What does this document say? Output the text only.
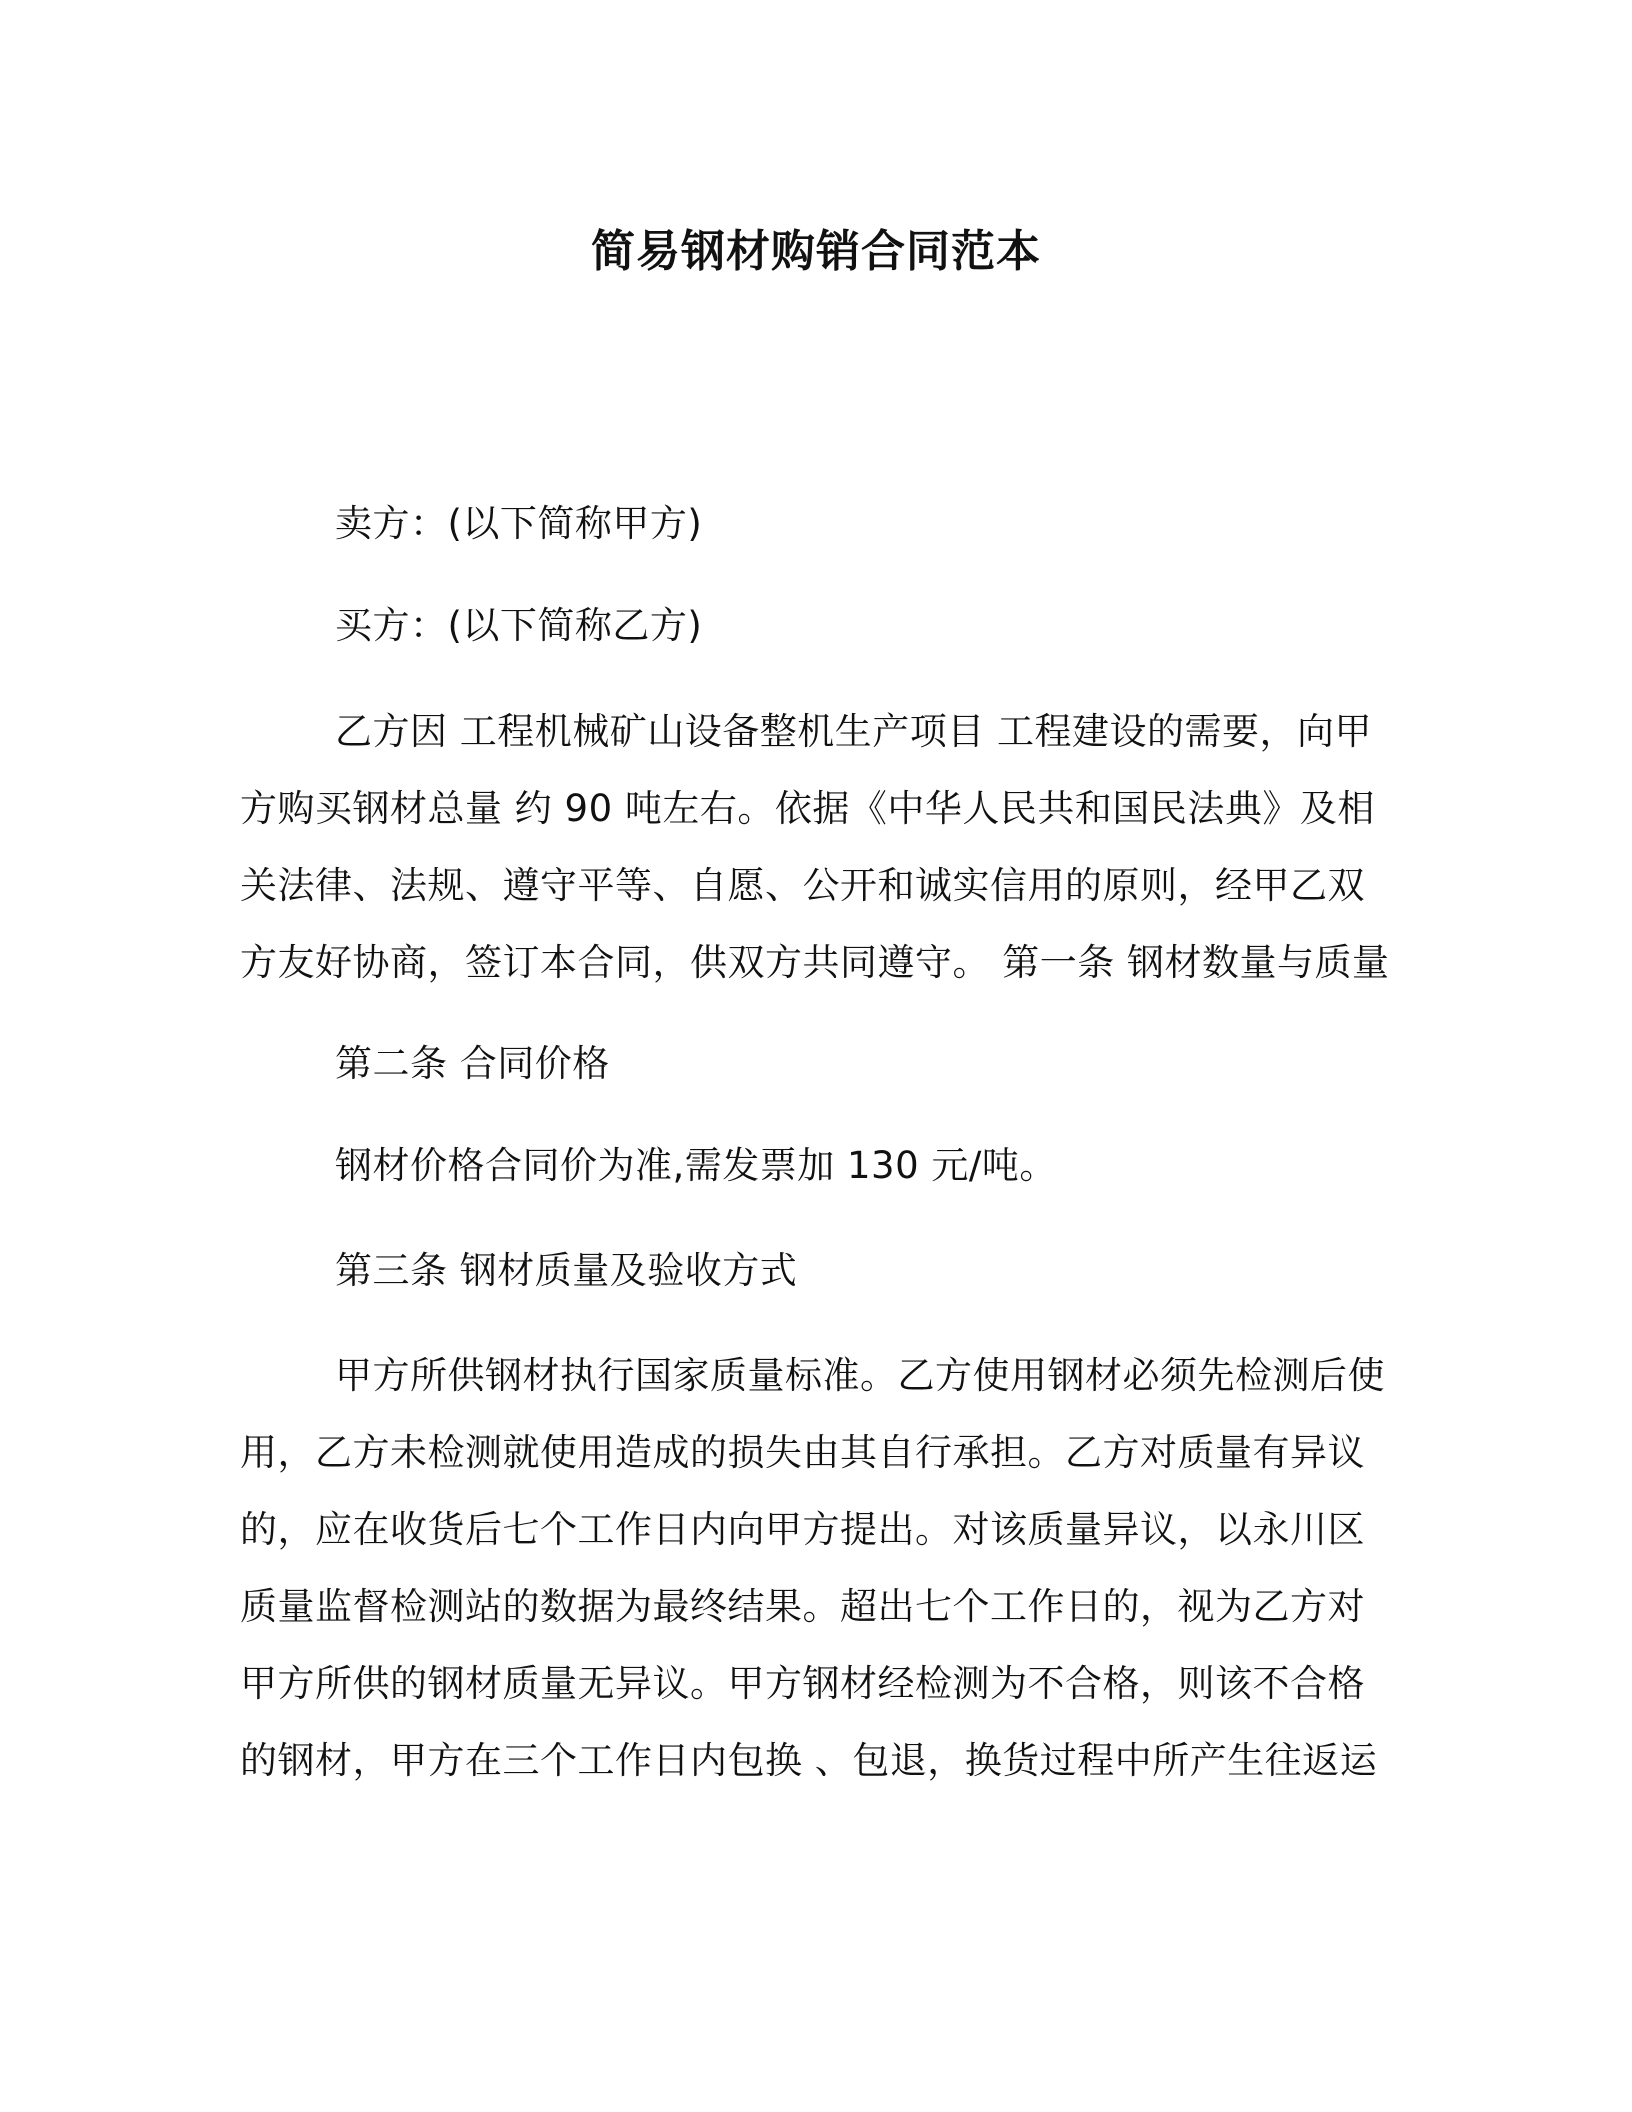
简易钢材购销合同范本

卖方：(以下简称甲方)

买方：(以下简称乙方)

乙方因 工程机械矿山设备整机生产项目 工程建设的需要，向甲方购买钢材总量 约 90 吨左右。依据《中华人民共和国民法典》及相关法律、法规、遵守平等、自愿、公开和诚实信用的原则，经甲乙双方友好协商，签订本合同，供双方共同遵守。 第一条 钢材数量与质量

第二条 合同价格

钢材价格合同价为准,需发票加 130 元/吨。

第三条 钢材质量及验收方式

甲方所供钢材执行国家质量标准。乙方使用钢材必须先检测后使用，乙方未检测就使用造成的损失由其自行承担。乙方对质量有异议的，应在收货后七个工作日内向甲方提出。对该质量异议，以永川区质量监督检测站的数据为最终结果。超出七个工作日的，视为乙方对甲方所供的钢材质量无异议。甲方钢材经检测为不合格，则该不合格的钢材，甲方在三个工作日内包换 、包退，换货过程中所产生往返运
